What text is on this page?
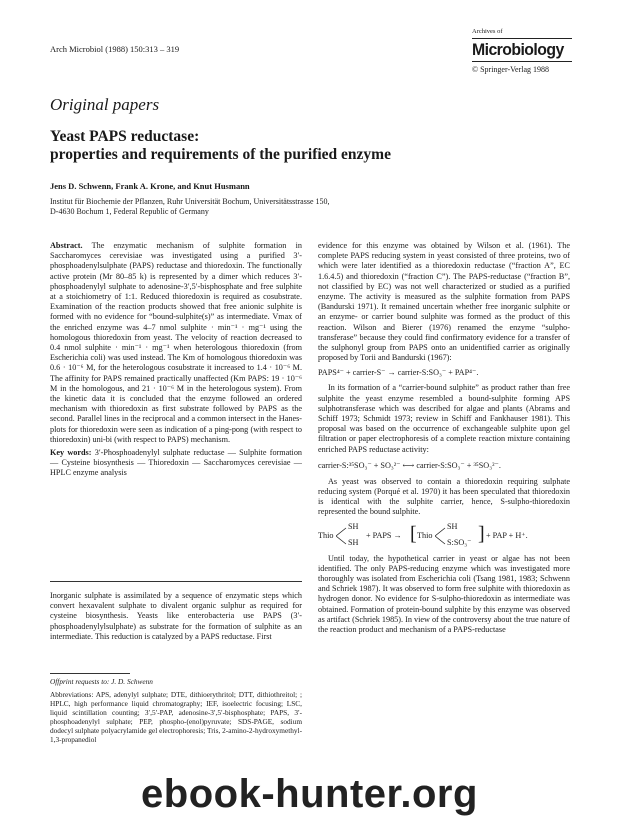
Arch Microbiol (1988) 150:313 – 319
Archives of
Microbiology
© Springer-Verlag 1988
Original papers
Yeast PAPS reductase:
properties and requirements of the purified enzyme
Jens D. Schwenn, Frank A. Krone, and Knut Husmann
Institut für Biochemie der Pflanzen, Ruhr Universität Bochum, Universitätsstrasse 150,
D-4630 Bochum 1, Federal Republic of Germany

Abstract. The enzymatic mechanism of sulphite formation in Saccharomyces cerevisiae was investigated using a purified 3′-phosphoadenylsulphate (PAPS) reductase and thioredoxin. The functionally active protein (Mr 80–85 k) is represented by a dimer which reduces 3′-phosphoadenylyl sulphate to adenosine-3′,5′-bisphosphate and free sulphite at a stoichiometry of 1:1. Reduced thioredoxin is required as cosubstrate. Examination of the reaction products showed that free anionic sulphite is formed with no evidence for “bound-sulphite(s)” as intermediate. Vmax of the enriched enzyme was 4–7 nmol sulphite · min⁻¹ · mg⁻¹ using the homologous thioredoxin from yeast. The velocity of reaction decreased to 0.4 nmol sulphite · min⁻¹ · mg⁻¹ when heterologous thioredoxin (from Escherichia coli) was used instead. The Km of homologous thioredoxin was 0.6 · 10⁻⁶ M, for the heterologous cosubstrate it increased to 1.4 · 10⁻⁶ M. The affinity for PAPS remained practically unaffected (Km PAPS: 19 · 10⁻⁶ M in the homologous, and 21 · 10⁻⁶ M in the heterologous system). From the kinetic data it is concluded that the enzyme followed an ordered mechanism with thioredoxin as first substrate followed by PAPS as the second. Parallel lines in the reciprocal and a common intersect in the Hanes-plots for thioredoxin were seen as indication of a ping-pong (with respect to thioredoxin) uni-bi (with respect to PAPS) mechanism.

Key words: 3′-Phosphoadenylyl sulphate reductase — Sulphite formation — Cysteine biosynthesis — Thioredoxin — Saccharomyces cerevisiae — HPLC enzyme analysis

Inorganic sulphate is assimilated by a sequence of enzymatic steps which convert hexavalent sulphate to divalent organic sulphur as required for cysteine biosynthesis. Yeasts like enterobacteria use PAPS (3′-phosphoadenylylsulphate) as substrate for the formation of sulphite as an intermediate. This reduction is catalyzed by a PAPS reductase. First
Offprint requests to: J. D. Schwenn
Abbreviations: APS, adenylyl sulphate; DTE, dithioerythritol; DTT, dithiothreitol; ; HPLC, high performance liquid chromatography; IEF, isoelectric focusing; LSC, liquid scintillation counting; 3′,5′-PAP, adenosine-3′,5′-bisphosphate; PAPS, 3′-phosphoadenylyl sulphate; PEP, phospho-(enol)pyruvate; SDS-PAGE, sodium dodecyl sulphate polyacrylamide gel electrophoresis; Tris, 2-amino-2-hydroxymethyl-1,3-propanediol

evidence for this enzyme was obtained by Wilson et al. (1961). The complete PAPS reducing system in yeast consisted of three proteins, two of which were later identified as a thioredoxin reductase (“fraction A”, EC 1.6.4.5) and thioredoxin (“fraction C”). The PAPS-reductase (“fraction B”, not classified by EC) was not well characterized or studied as a purified enzyme. The activity is measured as the sulphite formation from PAPS (Bandurski 1971). It remained uncertain whether free inorganic sulphite or an enzyme- or carrier bound sulphite was formed as the product of this reaction. Wilson and Bierer (1976) renamed the enzyme “sulpho-transferase” because they could find confirmatory evidence for a transfer of the sulphonyl group from PAPS onto an unidentified carrier as originally proposed by Torii and Bandurski (1967):

PAPS⁴⁻ + carrier-S⁻ → carrier-S:SO₃⁻ + PAP⁴⁻.

In its formation of a “carrier-bound sulphite” as product rather than free sulphite the yeast enzyme resembled a bound-sulphite forming APS sulphotransferase which was described for algae and plants (Abrams and Schiff 1973; Schmidt 1973; review in Schiff and Fankhauser 1981). This proposal was based on the occurrence of exchangeable sulphite upon gel filtration or paper electrophoresis of a complete reaction mixture containing enriched PAPS reductase activity:

carrier-S:³⁵SO₃⁻ + SO₃²⁻ ⟷ carrier-S:SO₃⁻ + ³⁵SO₃²⁻.

As yeast was observed to contain a thioredoxin requiring sulphate reducing system (Porqué et al. 1970) it has been speculated that thioredoxin is identical with the sulphite carrier, hence, S-sulpho-thioredoxin represented the bound sulphite.

Thio
SH
SH
+ PAPS → [ Thio
SH
S:SO₃⁻ ] + PAP + H⁺.

Until today, the hypothetical carrier in yeast or algae has not been identified. The only PAPS-reducing enzyme which was investigated more thoroughly was isolated from Escherichia coli (Tsang 1981, 1983; Schwenn and Schriek 1987). It was observed to form free sulphite with thioredoxin as hydrogen donor. No evidence for S-sulpho-thioredoxin as intermediate was obtained. Formation of protein-bound sulphite by this enzyme was observed as artifact (Schriek 1985). In view of the controversy about the true nature of the reaction product and mechanism of a PAPS-reductase

ebook-hunter.org
